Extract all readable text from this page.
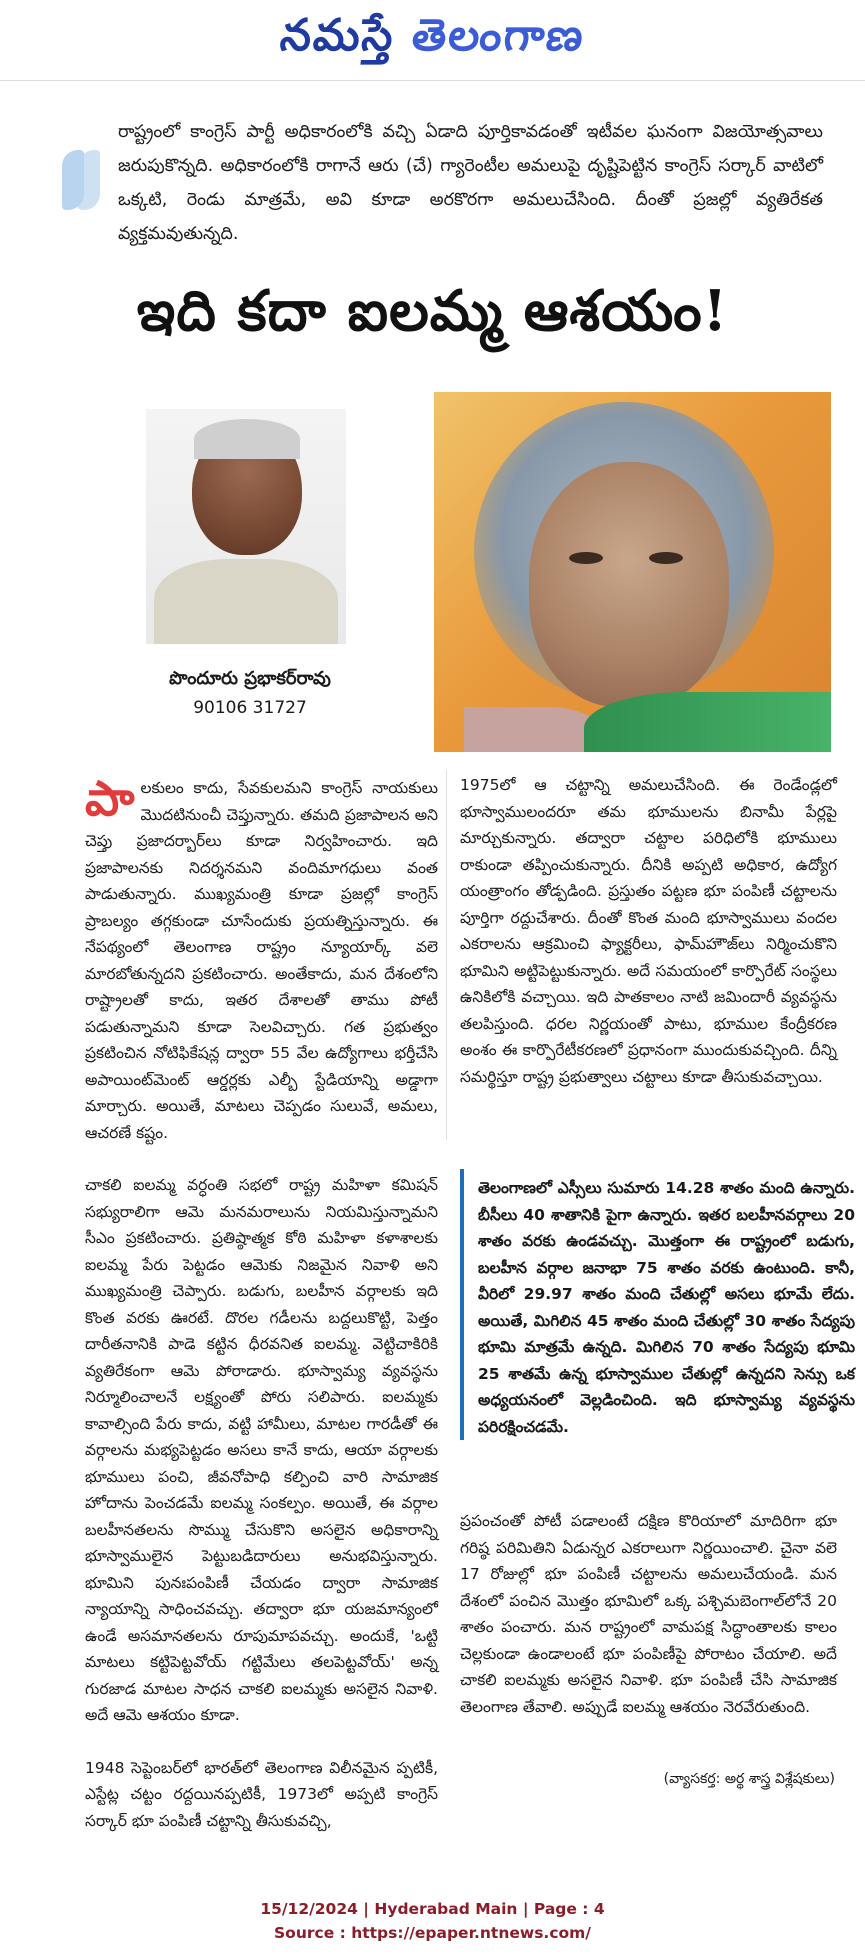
నమస్తే తెలంగాణ
రాష్ట్రంలో కాంగ్రెస్ పార్టీ అధికారంలోకి వచ్చి ఏడాది పూర్తికావడంతో ఇటీవల ఘనంగా విజయోత్సవాలు జరుపుకొన్నది. అధికారంలోకి రాగానే ఆరు (చే) గ్యారెంటీల అమలుపై దృష్టిపెట్టిన కాంగ్రెస్ సర్కార్ వాటిలో ఒక్కటి, రెండు మాత్రమే, అవి కూడా అరకొరగా అమలుచేసింది. దీంతో ప్రజల్లో వ్యతిరేకత వ్యక్తమవుతున్నది.
ఇది కదా ఐలమ్మ ఆశయం!
పొందూరు ప్రభాకర్‌రావు
90106 31727

పాలకులం కాదు, సేవకులమని కాంగ్రెస్ నాయకులు మొదటినుంచీ చెప్తున్నారు. తమది ప్రజాపాలన అని చెప్తు ప్రజాదర్బార్‌లు కూడా నిర్వహించారు. ఇది ప్రజాపాలనకు నిదర్శనమని వందిమాగధులు వంత పాడుతున్నారు. ముఖ్యమంత్రి కూడా ప్రజల్లో కాంగ్రెస్ ప్రాబల్యం తగ్గకుండా చూసేందుకు ప్రయత్నిస్తున్నారు. ఈ నేపథ్యంలో తెలంగాణ రాష్ట్రం న్యూయార్క్ వలె మారబోతున్నదని ప్రకటించారు. అంతేకాదు, మన దేశంలోని రాష్ట్రాలతో కాదు, ఇతర దేశాలతో తాము పోటీ పడుతున్నామని కూడా సెలవిచ్చారు. గత ప్రభుత్వం ప్రకటించిన నోటిఫికేషన్ల ద్వారా 55 వేల ఉద్యోగాలు భర్తీచేసి అపాయింట్‌మెంట్ ఆర్డర్లకు ఎల్బీ స్టేడియాన్ని అడ్డాగా మార్చారు. అయితే, మాటలు చెప్పడం సులువే, అమలు, ఆచరణే కష్టం.

చాకలి ఐలమ్మ వర్ధంతి సభలో రాష్ట్ర మహిళా కమిషన్ సభ్యురాలిగా ఆమె మనమరాలును నియమిస్తున్నామని సీఎం ప్రకటించారు. ప్రతిష్ఠాత్మక కోఠి మహిళా కళాశాలకు ఐలమ్మ పేరు పెట్టడం ఆమెకు నిజమైన నివాళి అని ముఖ్యమంత్రి చెప్పారు. బడుగు, బలహీన వర్గాలకు ఇది కొంత వరకు ఊరటే. దొరల గడీలను బద్దలుకొట్టి, పెత్తం దారీతనానికి పాడె కట్టిన ధీరవనిత ఐలమ్మ. వెట్టిచాకిరికి వ్యతిరేకంగా ఆమె పోరాడారు. భూస్వామ్య వ్యవస్థను నిర్మూలించాలనే లక్ష్యంతో పోరు సలిపారు. ఐలమ్మకు కావాల్సింది పేరు కాదు, వట్టి హామీలు, మాటల గారడీతో ఈ వర్గాలను మభ్యపెట్టడం అసలు కానే కాదు, ఆయా వర్గాలకు భూములు పంచి, జీవనోపాధి కల్పించి వారి సామాజిక హోదాను పెంచడమే ఐలమ్మ సంకల్పం. అయితే, ఈ వర్గాల బలహీనతలను సొమ్ము చేసుకొని అసలైన అధికారాన్ని భూస్వాములైన పెట్టుబడిదారులు అనుభవిస్తున్నారు. భూమిని పునఃపంపిణీ చేయడం ద్వారా సామాజిక న్యాయాన్ని సాధించవచ్చు. తద్వారా భూ యజమాన్యంలో ఉండే అసమానతలను రూపుమాపవచ్చు. అందుకే, 'ఒట్టి మాటలు కట్టిపెట్టవోయ్ గట్టిమేలు తలపెట్టవోయ్' అన్న గురజాడ మాటల సాధన చాకలి ఐలమ్మకు అసలైన నివాళి. అదే ఆమె ఆశయం కూడా.

1948 సెప్టెంబర్‌లో భారత్‌లో తెలంగాణ విలీనమైన ప్పటికీ, ఎస్టేట్ల చట్టం రద్దయినప్పటికీ, 1973లో అప్పటి కాంగ్రెస్ సర్కార్ భూ పంపిణీ చట్టాన్ని తీసుకువచ్చి,

1975లో ఆ చట్టాన్ని అమలుచేసింది. ఈ రెండేండ్లలో భూస్వాములందరూ తమ భూములను బినామీ పేర్లపై మార్చుకున్నారు. తద్వారా చట్టాల పరిధిలోకి భూములు రాకుండా తప్పించుకున్నారు. దీనికి అప్పటి అధికార, ఉద్యోగ యంత్రాంగం తోడ్పడింది. ప్రస్తుతం పట్టణ భూ పంపిణీ చట్టాలను పూర్తిగా రద్దుచేశారు. దీంతో కొంత మంది భూస్వాములు వందల ఎకరాలను ఆక్రమించి ఫ్యాక్టరీలు, ఫామ్‌హౌజ్‌లు నిర్మించుకొని భూమిని అట్టిపెట్టుకున్నారు. అదే సమయంలో కార్పొరేట్ సంస్థలు ఉనికిలోకి వచ్చాయి. ఇది పాతకాలం నాటి జమిందారీ వ్యవస్థను తలపిస్తుంది. ధరల నిర్ణయంతో పాటు, భూముల కేంద్రీకరణ అంశం ఈ కార్పొరేటీకరణలో ప్రధానంగా ముందుకువచ్చింది. దీన్ని సమర్థిస్తూ రాష్ట్ర ప్రభుత్వాలు చట్టాలు కూడా తీసుకువచ్చాయి.

తెలంగాణలో ఎస్సీలు సుమారు 14.28 శాతం మంది ఉన్నారు. బీసీలు 40 శాతానికి పైగా ఉన్నారు. ఇతర బలహీనవర్గాలు 20 శాతం వరకు ఉండవచ్చు. మొత్తంగా ఈ రాష్ట్రంలో బడుగు, బలహీన వర్గాల జనాభా 75 శాతం వరకు ఉంటుంది. కానీ, వీరిలో 29.97 శాతం మంది చేతుల్లో అసలు భూమే లేదు. అయితే, మిగిలిన 45 శాతం మంది చేతుల్లో 30 శాతం సేద్యపు భూమి మాత్రమే ఉన్నది. మిగిలిన 70 శాతం సేద్యపు భూమి 25 శాతమే ఉన్న భూస్వాముల చేతుల్లో ఉన్నదని సెన్సు ఒక అధ్యయనంలో వెల్లడించింది. ఇది భూస్వామ్య వ్యవస్థను పరిరక్షించడమే.

ప్రపంచంతో పోటీ పడాలంటే దక్షిణ కొరియాలో మాదిరిగా భూ గరిష్ఠ పరిమితిని ఏడున్నర ఎకరాలుగా నిర్ణయించాలి. చైనా వలె 17 రోజుల్లో భూ పంపిణీ చట్టాలను అమలుచేయండి. మన దేశంలో పంచిన మొత్తం భూమిలో ఒక్క పశ్చిమబెంగాల్‌లోనే 20 శాతం పంచారు. మన రాష్ట్రంలో వామపక్ష సిద్ధాంతాలకు కాలం చెల్లకుండా ఉండాలంటే భూ పంపిణీపై పోరాటం చేయాలి. అదే చాకలి ఐలమ్మకు అసలైన నివాళి. భూ పంపిణీ చేసి సామాజిక తెలంగాణ తేవాలి. అప్పుడే ఐలమ్మ ఆశయం నెరవేరుతుంది.

(వ్యాసకర్త: అర్థ శాస్త్ర విశ్లేషకులు)
15/12/2024 | Hyderabad Main | Page : 4
Source : https://epaper.ntnews.com/
